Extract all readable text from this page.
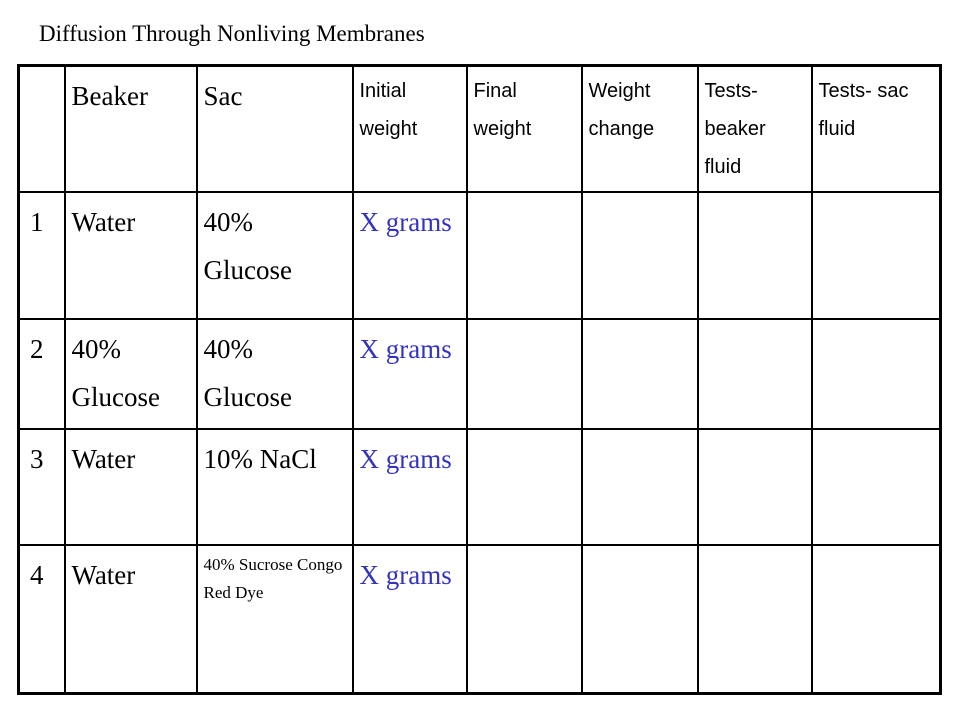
Diffusion Through Nonliving Membranes
	Beaker	Sac	Initial weight	Final weight	Weight change	Tests- beaker fluid	Tests- sac fluid
1	Water	40% Glucose	X grams				
2	40% Glucose	40% Glucose	X grams				
3	Water	10% NaCl	X grams				
4	Water	40% Sucrose Congo Red Dye	X grams				
